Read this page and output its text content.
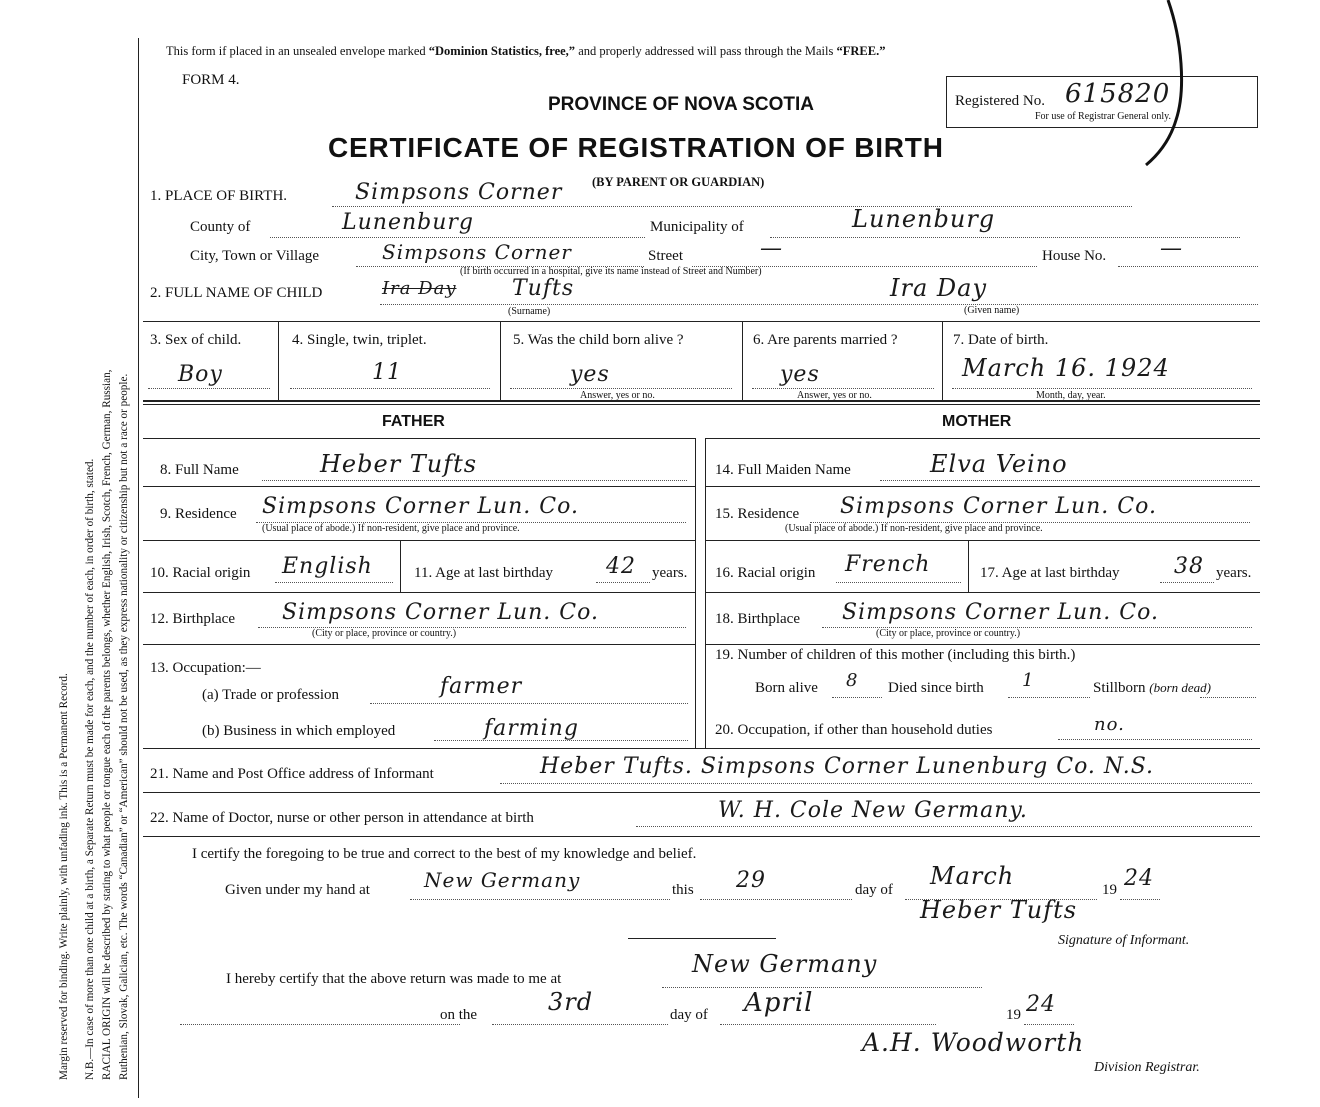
Margin reserved for binding. Write plainly, with unfading ink. This is a Permanent Record. N.B.—In case of more than one child at a birth, a Separate Return must be made for each, and the number of each, in order of birth, stated. RACIAL ORIGIN will be described by stating to what people or tongue each of the parents belongs, whether English, Irish, Scotch, French, German, Russian, Ruthenian, Slovak, Galician, etc. The words “Canadian” or “American” should not be used, as they express nationality or citizenship but not a race or people.
This form if placed in an unsealed envelope marked “Dominion Statistics, free,” and properly addressed will pass through the Mails “FREE.”
FORM 4.
PROVINCE OF NOVA SCOTIA	Registered No. 615820
For use of Registrar General only.
CERTIFICATE OF REGISTRATION OF BIRTH
(BY PARENT OR GUARDIAN)
1. PLACE OF BIRTH.	Simpsons Corner
County of	Lunenburg	Municipality of	Lunenburg
City, Town or Village	Simpsons Corner	Street	—	House No. —
(If birth occurred in a hospital, give its name instead of Street and Number)
2. FULL NAME OF CHILD	Ira Day	Tufts	Ira Day
(Surname)	(Given name)
3. Sex of child.
Boy
4. Single, twin, triplet.
11
5. Was the child born alive ?
yes
Answer, yes or no.
6. Are parents married ?
yes
Answer, yes or no.
7. Date of birth.
March 16. 1924
Month, day, year.
FATHER	MOTHER
8. Full Name	Heber Tufts
9. Residence Simpsons Corner Lun. Co.
(Usual place of abode.) If non-resident, give place and province.
10. Racial origin English	11. Age at last birthday 42 years.
12. Birthplace Simpsons Corner Lun. Co.
(City or place, province or country.)
13. Occupation:—
(a) Trade or profession	farmer
(b) Business in which employed	farming
14. Full Maiden Name	Elva Veino
15. Residence Simpsons Corner Lun. Co.
(Usual place of abode.) If non-resident, give place and province.
16. Racial origin French	17. Age at last birthday 38 years.
18. Birthplace Simpsons Corner Lun. Co.
(City or place, province or country.)
19. Number of children of this mother (including this birth.)
Born alive 8 Died since birth 1	Stillborn (born dead)
20. Occupation, if other than household duties	no.
21. Name and Post Office address of Informant	Heber Tufts. Simpsons Corner Lunenburg Co. N.S.
22. Name of Doctor, nurse or other person in attendance at birth	W. H. Cole New Germany.
I certify the foregoing to be true and correct to the best of my knowledge and belief.
Given under my hand at	New Germany	this 29	day of March	19 24
Heber Tufts
Signature of Informant.
I hereby certify that the above return was made to me at
New Germany
on the	3rd	day of April	19 24
A.H. Woodworth
Division Registrar.
